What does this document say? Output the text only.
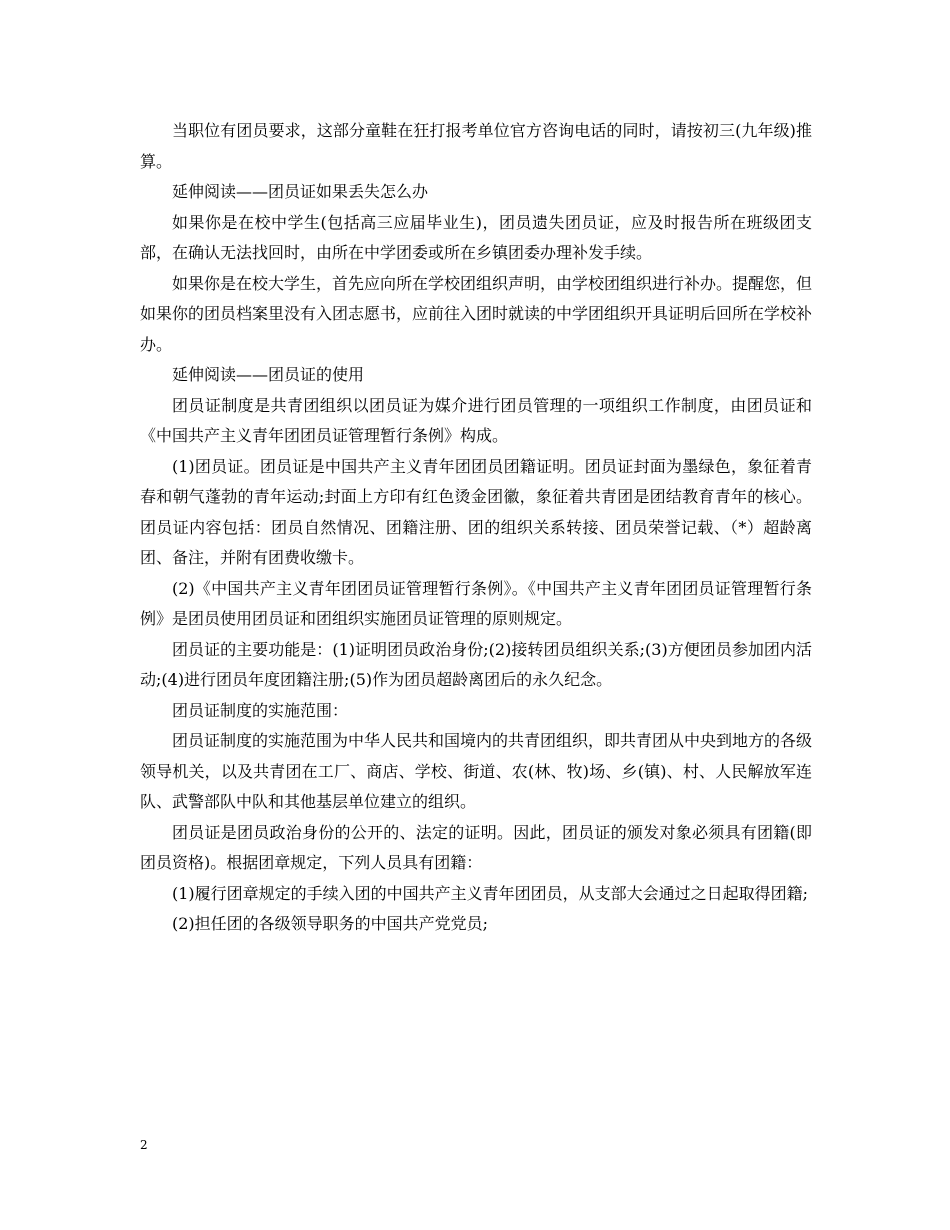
当职位有团员要求，这部分童鞋在狂打报考单位官方咨询电话的同时，请按初三(九年级)推算。

延伸阅读——团员证如果丢失怎么办

如果你是在校中学生(包括高三应届毕业生)，团员遗失团员证，应及时报告所在班级团支部，在确认无法找回时，由所在中学团委或所在乡镇团委办理补发手续。

如果你是在校大学生，首先应向所在学校团组织声明，由学校团组织进行补办。提醒您，但如果你的团员档案里没有入团志愿书，应前往入团时就读的中学团组织开具证明后回所在学校补办。

延伸阅读——团员证的使用

团员证制度是共青团组织以团员证为媒介进行团员管理的一项组织工作制度，由团员证和《中国共产主义青年团团员证管理暂行条例》构成。

(1)团员证。团员证是中国共产主义青年团团员团籍证明。团员证封面为墨绿色，象征着青春和朝气蓬勃的青年运动;封面上方印有红色烫金团徽，象征着共青团是团结教育青年的核心。团员证内容包括：团员自然情况、团籍注册、团的组织关系转接、团员荣誉记载、（*）超龄离团、备注，并附有团费收缴卡。

(2)《中国共产主义青年团团员证管理暂行条例》。《中国共产主义青年团团员证管理暂行条例》是团员使用团员证和团组织实施团员证管理的原则规定。

团员证的主要功能是：(1)证明团员政治身份;(2)接转团员组织关系;(3)方便团员参加团内活动;(4)进行团员年度团籍注册;(5)作为团员超龄离团后的永久纪念。

团员证制度的实施范围：

团员证制度的实施范围为中华人民共和国境内的共青团组织，即共青团从中央到地方的各级领导机关，以及共青团在工厂、商店、学校、街道、农(林、牧)场、乡(镇)、村、人民解放军连队、武警部队中队和其他基层单位建立的组织。

团员证是团员政治身份的公开的、法定的证明。因此，团员证的颁发对象必须具有团籍(即团员资格)。根据团章规定，下列人员具有团籍：

(1)履行团章规定的手续入团的中国共产主义青年团团员，从支部大会通过之日起取得团籍;

(2)担任团的各级领导职务的中国共产党党员;

2
